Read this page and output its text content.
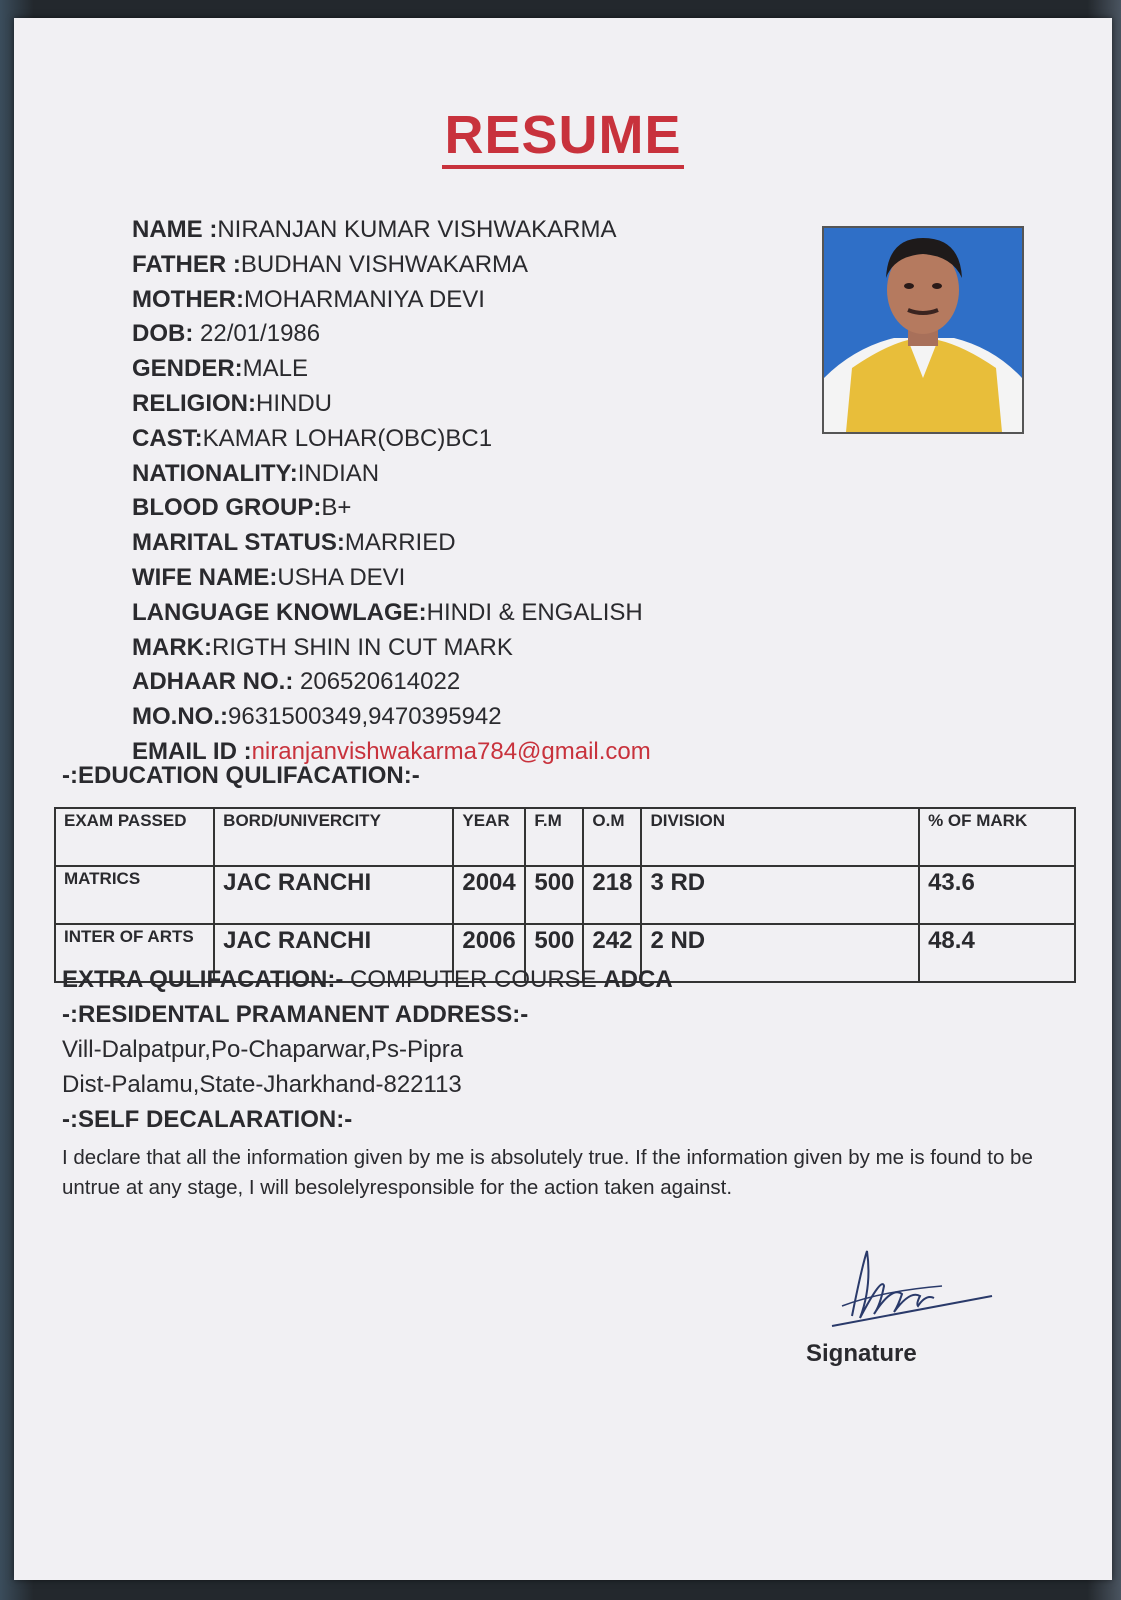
RESUME
NAME :NIRANJAN KUMAR VISHWAKARMA
FATHER :BUDHAN VISHWAKARMA
MOTHER:MOHARMANIYA DEVI
DOB: 22/01/1986
GENDER:MALE
RELIGION:HINDU
CAST:KAMAR LOHAR(OBC)BC1
NATIONALITY:INDIAN
BLOOD GROUP:B+
MARITAL STATUS:MARRIED
WIFE NAME:USHA DEVI
LANGUAGE KNOWLAGE:HINDI & ENGALISH
MARK:RIGTH SHIN IN CUT MARK
ADHAAR NO.: 206520614022
MO.NO.:9631500349,9470395942
EMAIL ID :niranjanvishwakarma784@gmail.com
-:EDUCATION QULIFACATION:-
EXAM PASSED	BORD/UNIVERCITY	YEAR	F.M	O.M	DIVISION	% OF MARK
MATRICS	JAC RANCHI	2004	500	218	3 RD	43.6
INTER OF ARTS	JAC RANCHI	2006	500	242	2 ND	48.4
EXTRA QULIFACATION:- COMPUTER COURSE ADCA
-:RESIDENTAL PRAMANENT ADDRESS:-
Vill-Dalpatpur,Po-Chaparwar,Ps-Pipra
Dist-Palamu,State-Jharkhand-822113
-:SELF DECALARATION:-
I declare that all the information given by me is absolutely true. If the information given by me is found to be untrue at any stage, I will besolelyresponsible for the action taken against.
Signature
